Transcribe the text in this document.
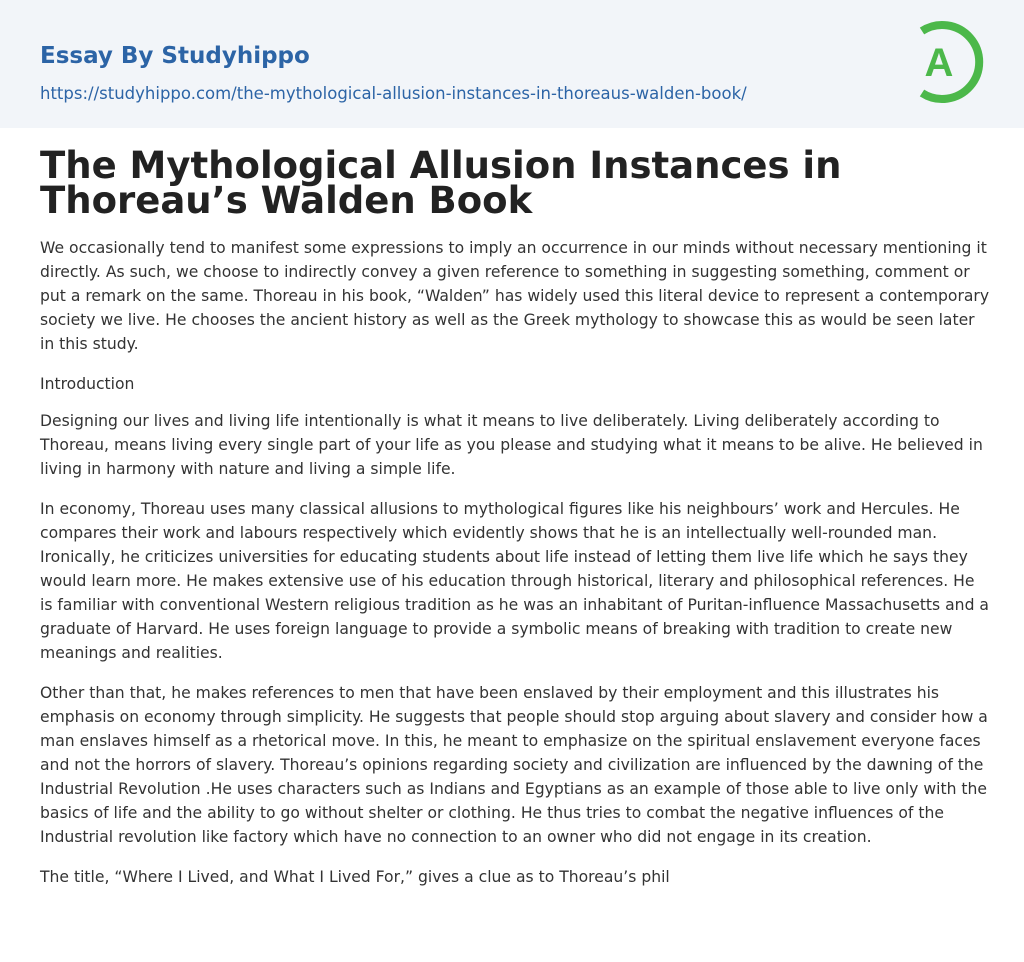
Essay By Studyhippo
https://studyhippo.com/the-mythological-allusion-instances-in-thoreaus-walden-book/
A
The Mythological Allusion Instances in Thoreau’s Walden Book

We occasionally tend to manifest some expressions to imply an occurrence in our minds without necessary mentioning it directly. As such, we choose to indirectly convey a given reference to something in suggesting something, comment or put a remark on the same. Thoreau in his book, “Walden” has widely used this literal device to represent a contemporary society we live. He chooses the ancient history as well as the Greek mythology to showcase this as would be seen later in this study.

Introduction

Designing our lives and living life intentionally is what it means to live deliberately. Living deliberately according to Thoreau, means living every single part of your life as you please and studying what it means to be alive. He believed in living in harmony with nature and living a simple life.

In economy, Thoreau uses many classical allusions to mythological figures like his neighbours’ work and Hercules. He compares their work and labours respectively which evidently shows that he is an intellectually well-rounded man. Ironically, he criticizes universities for educating students about life instead of letting them live life which he says they would learn more. He makes extensive use of his education through historical, literary and philosophical references. He is familiar with conventional Western religious tradition as he was an inhabitant of Puritan-influence Massachusetts and a graduate of Harvard. He uses foreign language to provide a symbolic means of breaking with tradition to create new meanings and realities.

Other than that, he makes references to men that have been enslaved by their employment and this illustrates his emphasis on economy through simplicity. He suggests that people should stop arguing about slavery and consider how a man enslaves himself as a rhetorical move. In this, he meant to emphasize on the spiritual enslavement everyone faces and not the horrors of slavery. Thoreau’s opinions regarding society and civilization are influenced by the dawning of the Industrial Revolution .He uses characters such as Indians and Egyptians as an example of those able to live only with the basics of life and the ability to go without shelter or clothing. He thus tries to combat the negative influences of the Industrial revolution like factory which have no connection to an owner who did not engage in its creation.

The title, “Where I Lived, and What I Lived For,” gives a clue as to Thoreau’s phil
